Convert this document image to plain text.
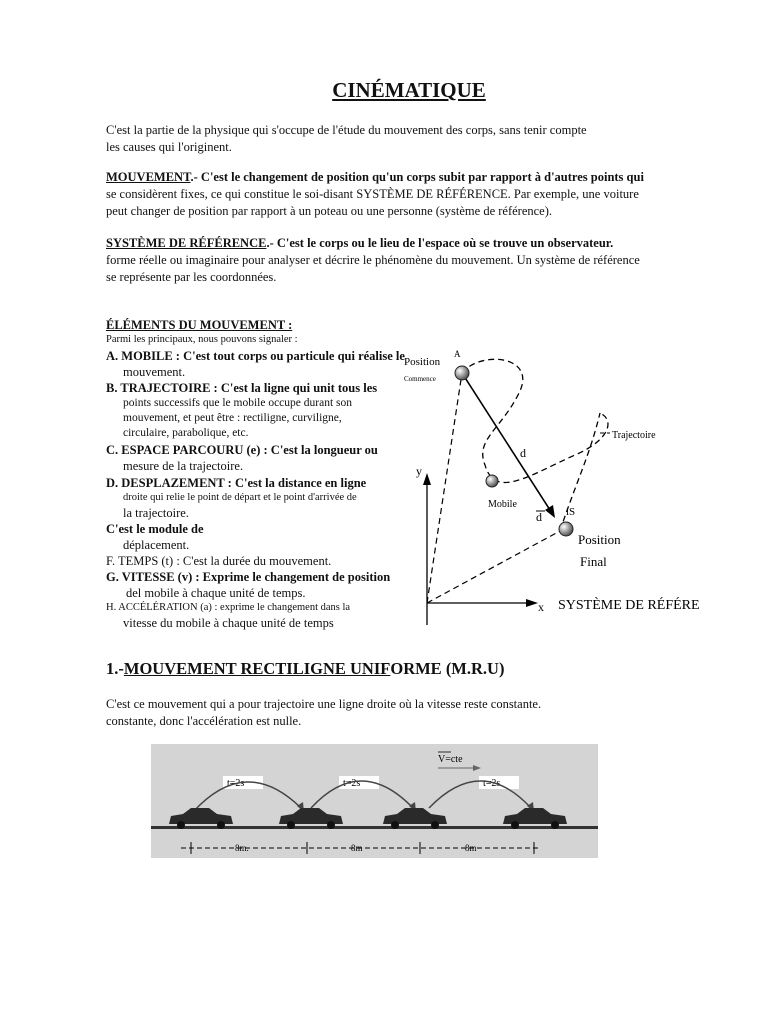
CINÉMATIQUE
C'est la partie de la physique qui s'occupe de l'étude du mouvement des corps, sans tenir compte
les causes qui l'originent.
MOUVEMENT.- C'est le changement de position qu'un corps subit par rapport à d'autres points qui
se considèrent fixes, ce qui constitue le soi-disant SYSTÈME DE RÉFÉRENCE. Par exemple, une voiture
peut changer de position par rapport à un poteau ou une personne (système de référence).
SYSTÈME DE RÉFÉRENCE.- C'est le corps ou le lieu de l'espace où se trouve un observateur.
forme réelle ou imaginaire pour analyser et décrire le phénomène du mouvement. Un système de référence
se représente par les coordonnées.
ÉLÉMENTS DU MOUVEMENT :
Parmi les principaux, nous pouvons signaler :
A. MOBILE : C'est tout corps ou particule qui réalise le
mouvement.
B. TRAJECTOIRE : C'est la ligne qui unit tous les
points successifs que le mobile occupe durant son
mouvement, et peut être : rectiligne, curviligne,
circulaire, parabolique, etc.
C. ESPACE PARCOURU (e) : C'est la longueur ou
mesure de la trajectoire.
D. DESPLAZEMENT : C'est la distance en ligne
droite qui relie le point de départ et le point d'arrivée de
la trajectoire.
C'est le module de
déplacement.
F. TEMPS (t) : C'est la durée du mouvement.
G. VITESSE (v) : Exprime le changement de position
del mobile à chaque unité de temps.
H. ACCÉLÉRATION (a) : exprime le changement dans la
vitesse du mobile à chaque unité de temps
y
x
Position
Commence
A
Trajectoire
d
Mobile
d iS
Position
Final
SYSTÈME DE RÉFÉRE
1.-MOUVEMENT RECTILIGNE UNIFORME (M.R.U)
C'est ce mouvement qui a pour trajectoire une ligne droite où la vitesse reste constante.
constante, donc l'accélération est nulle.
V=cte
t=2s	t=2s	t=2s
8m.	8m	8m
